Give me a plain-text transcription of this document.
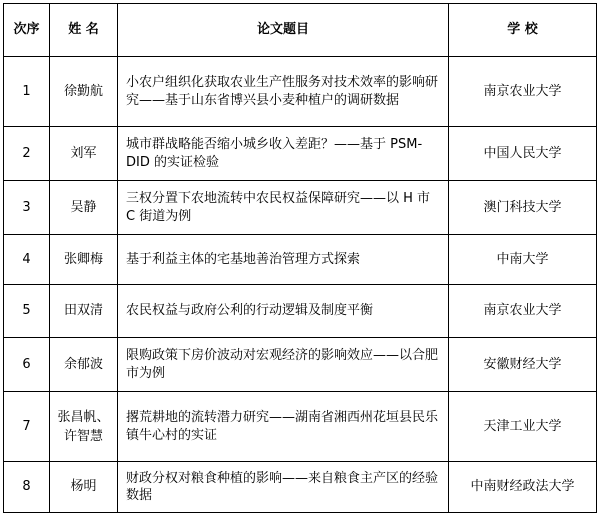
次序	姓 名	论文题目	学 校
1	徐勤航	小农户组织化获取农业生产性服务对技术效率的影响研究——基于山东省博兴县小麦种植户的调研数据	南京农业大学
2	刘军	城市群战略能否缩小城乡收入差距？——基于 PSM-DID 的实证检验	中国人民大学
3	吴静	三权分置下农地流转中农民权益保障研究——以 H 市 C 街道为例	澳门科技大学
4	张卿梅	基于利益主体的宅基地善治管理方式探索	中南大学
5	田双清	农民权益与政府公利的行动逻辑及制度平衡	南京农业大学
6	余郁波	限购政策下房价波动对宏观经济的影响效应——以合肥市为例	安徽财经大学
7	张昌帆、许智慧	撂荒耕地的流转潜力研究——湖南省湘西州花垣县民乐镇牛心村的实证	天津工业大学
8	杨明	财政分权对粮食种植的影响——来自粮食主产区的经验数据	中南财经政法大学
